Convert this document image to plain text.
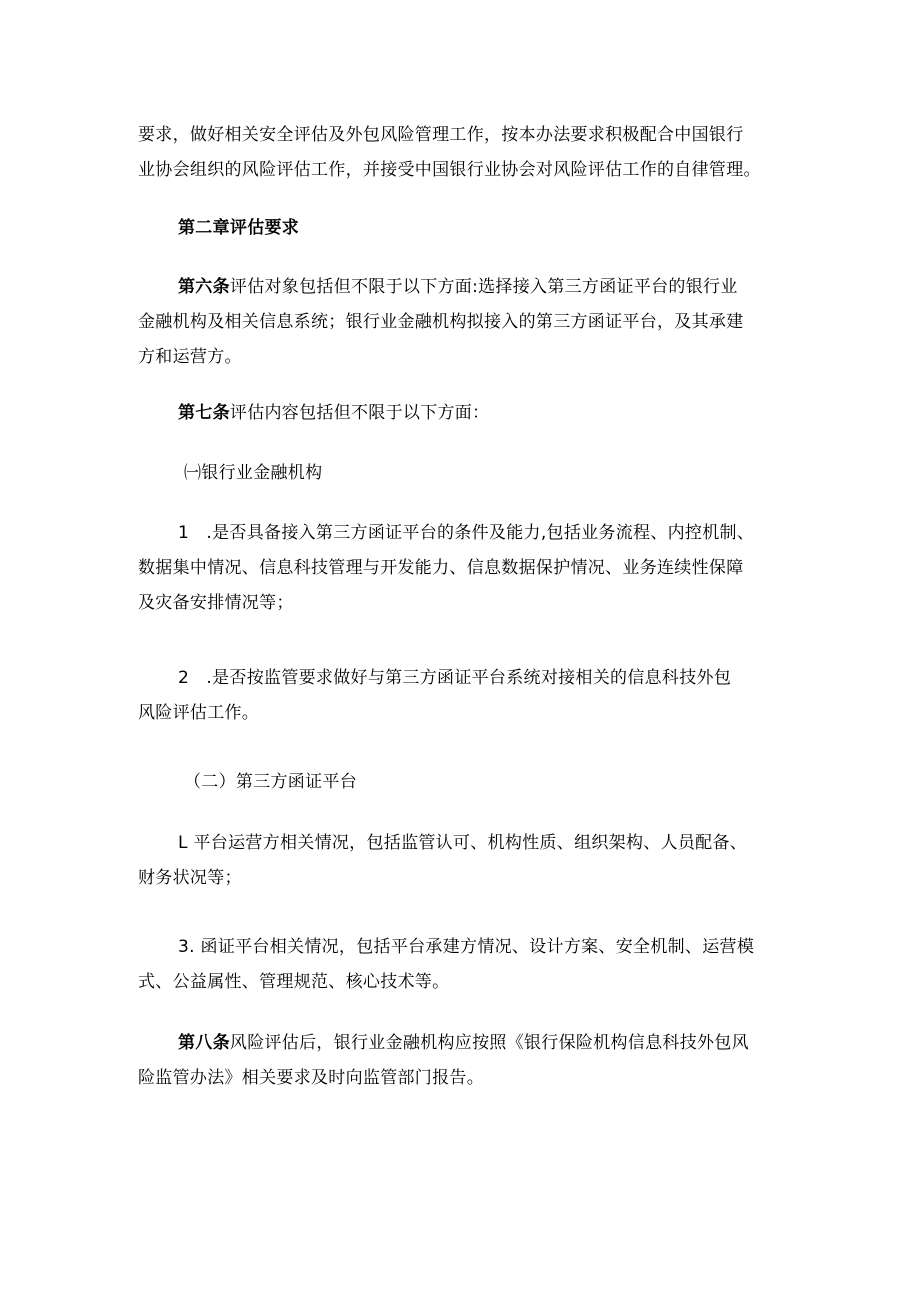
要求，做好相关安全评估及外包风险管理工作，按本办法要求积极配合中国银行
业协会组织的风险评估工作，并接受中国银行业协会对风险评估工作的自律管理。
第二章评估要求
第六条评估对象包括但不限于以下方面:选择接入第三方函证平台的银行业
金融机构及相关信息系统；银行业金融机构拟接入的第三方函证平台，及其承建
方和运营方。
第七条评估内容包括但不限于以下方面：
㈠银行业金融机构
1　.是否具备接入第三方函证平台的条件及能力,包括业务流程、内控机制、
数据集中情况、信息科技管理与开发能力、信息数据保护情况、业务连续性保障
及灾备安排情况等；
2　.是否按监管要求做好与第三方函证平台系统对接相关的信息科技外包
风险评估工作。
（二）第三方函证平台
L 平台运营方相关情况，包括监管认可、机构性质、组织架构、人员配备、
财务状况等；
3. 函证平台相关情况，包括平台承建方情况、设计方案、安全机制、运营模
式、公益属性、管理规范、核心技术等。
第八条风险评估后，银行业金融机构应按照《银行保险机构信息科技外包风
险监管办法》相关要求及时向监管部门报告。
